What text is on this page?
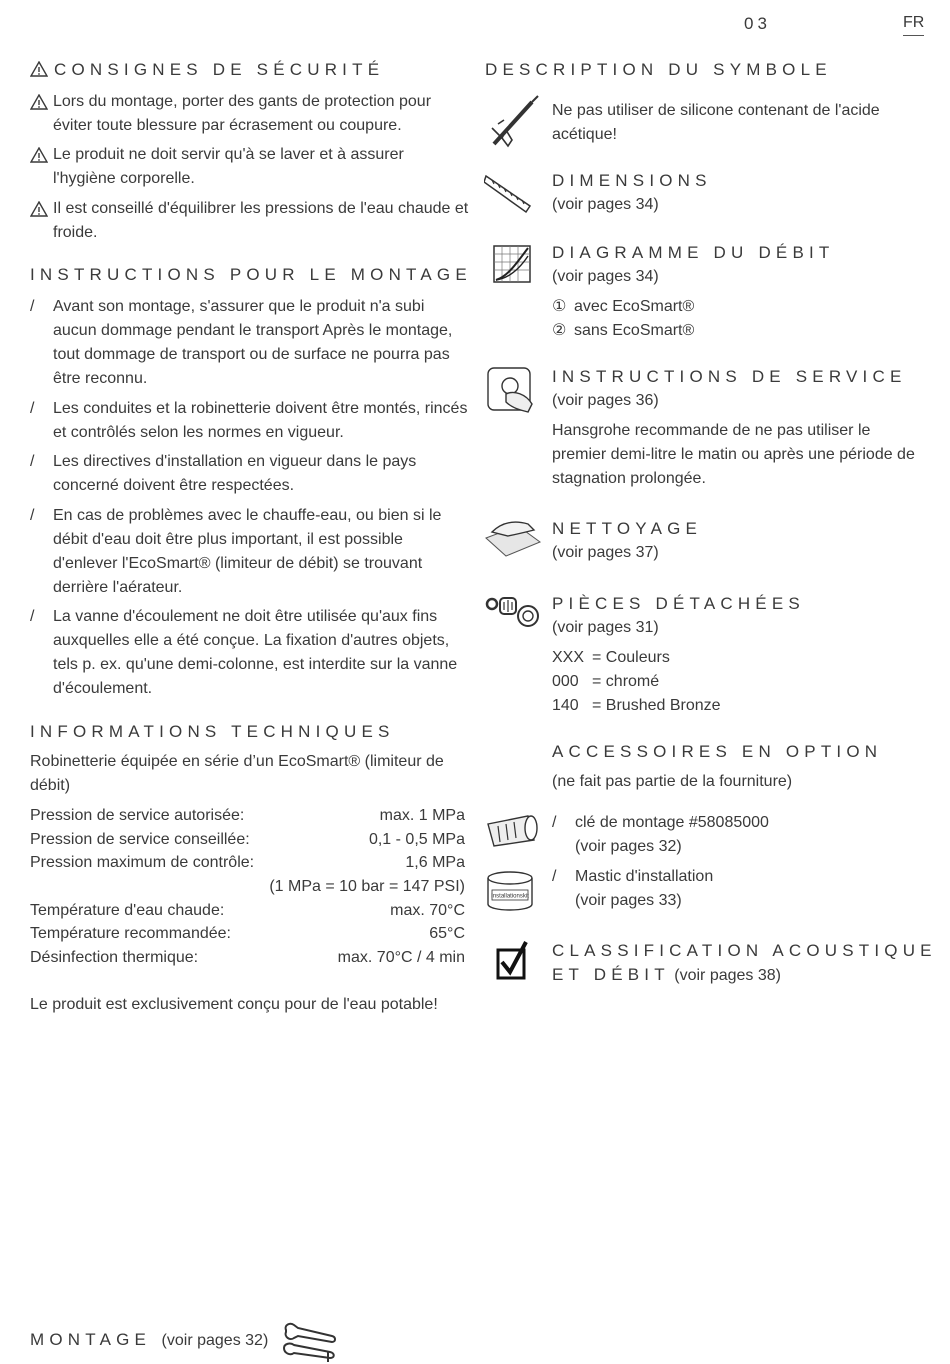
03	FR
CONSIGNES DE SÉCURITÉ
Lors du montage, porter des gants de protection pour éviter toute blessure par écrasement ou coupure.
Le produit ne doit servir qu'à se laver et à assurer l'hygiène corporelle.
Il est conseillé d'équilibrer les pressions de l'eau chaude et froide.
INSTRUCTIONS POUR LE MONTAGE
/ Avant son montage, s'assurer que le produit n'a subi aucun dommage pendant le transport Après le montage, tout dommage de transport ou de surface ne pourra pas être reconnu.
/ Les conduites et la robinetterie doivent être montés, rincés et contrôlés selon les normes en vigueur.
/ Les directives d'installation en vigueur dans le pays concerné doivent être respectées.
/ En cas de problèmes avec le chauffe-eau, ou bien si le débit d'eau doit être plus important, il est possible d'enlever l'EcoSmart® (limiteur de débit) se trouvant derrière l'aérateur.
/ La vanne d'écoulement ne doit être utilisée qu'aux fins auxquelles elle a été conçue. La fixation d'autres objets, tels p. ex. qu'une demi-colonne, est interdite sur la vanne d'écoulement.
INFORMATIONS TECHNIQUES
Robinetterie équipée en série d’un EcoSmart® (limiteur de débit)
Pression de service autorisée:	max. 1 MPa
Pression de service conseillée:	0,1 - 0,5 MPa
Pression maximum de contrôle:	1,6 MPa
(1 MPa = 10 bar = 147 PSI)
Température d'eau chaude:	max. 70°C
Température recommandée:	65°C
Désinfection thermique:	max. 70°C / 4 min
Le produit est exclusivement conçu pour de l'eau potable!
MONTAGE (voir pages 32)
DESCRIPTION DU SYMBOLE
Ne pas utiliser de silicone contenant de l'acide acétique!
DIMENSIONS
(voir pages 34)
DIAGRAMME DU DÉBIT
(voir pages 34)
① avec EcoSmart®
② sans EcoSmart®
INSTRUCTIONS DE SERVICE
(voir pages 36)
Hansgrohe recommande de ne pas utiliser le premier demi-litre le matin ou après une période de stagnation prolongée.
NETTOYAGE
(voir pages 37)
PIÈCES DÉTACHÉES
(voir pages 31)
XXX = Couleurs
000 = chromé
140 = Brushed Bronze
ACCESSOIRES EN OPTION
(ne fait pas partie de la fourniture)
/ clé de montage #58085000
(voir pages 32)
Installationskit
/ Mastic d'installation
(voir pages 33)
CLASSIFICATION ACOUSTIQUE
ET DÉBIT (voir pages 38)
